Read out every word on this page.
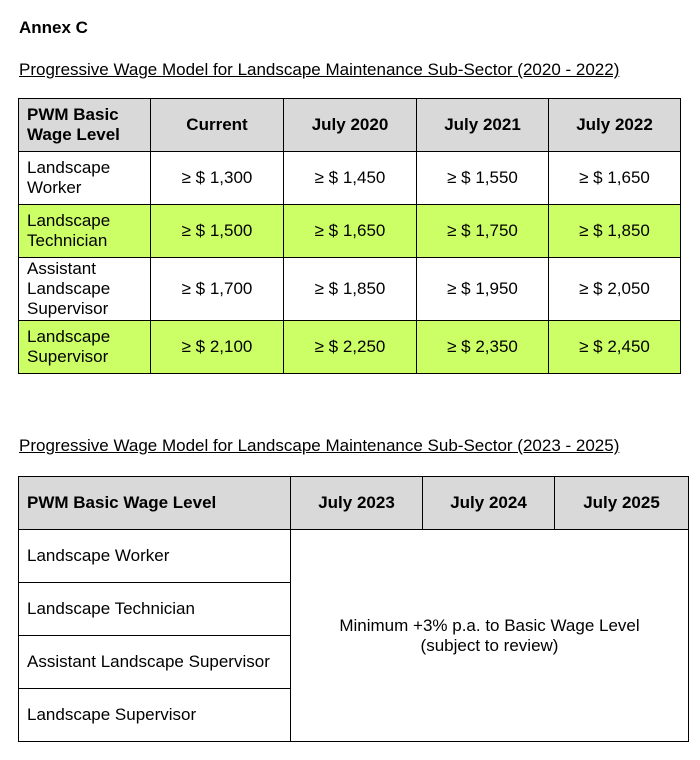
Annex C
Progressive Wage Model for Landscape Maintenance Sub-Sector (2020 - 2022)
PWM Basic Wage Level	Current	July 2020	July 2021	July 2022
Landscape
Worker	≥ $ 1,300	≥ $ 1,450	≥ $ 1,550	≥ $ 1,650
Landscape
Technician	≥ $ 1,500	≥ $ 1,650	≥ $ 1,750	≥ $ 1,850
Assistant
Landscape
Supervisor	≥ $ 1,700	≥ $ 1,850	≥ $ 1,950	≥ $ 2,050
Landscape
Supervisor	≥ $ 2,100	≥ $ 2,250	≥ $ 2,350	≥ $ 2,450
Progressive Wage Model for Landscape Maintenance Sub-Sector (2023 - 2025)
PWM Basic Wage Level	July 2023	July 2024	July 2025
Landscape Worker	Minimum +3% p.a. to Basic Wage Level
(subject to review)		
Landscape Technician			
Assistant Landscape Supervisor			
Landscape Supervisor			
